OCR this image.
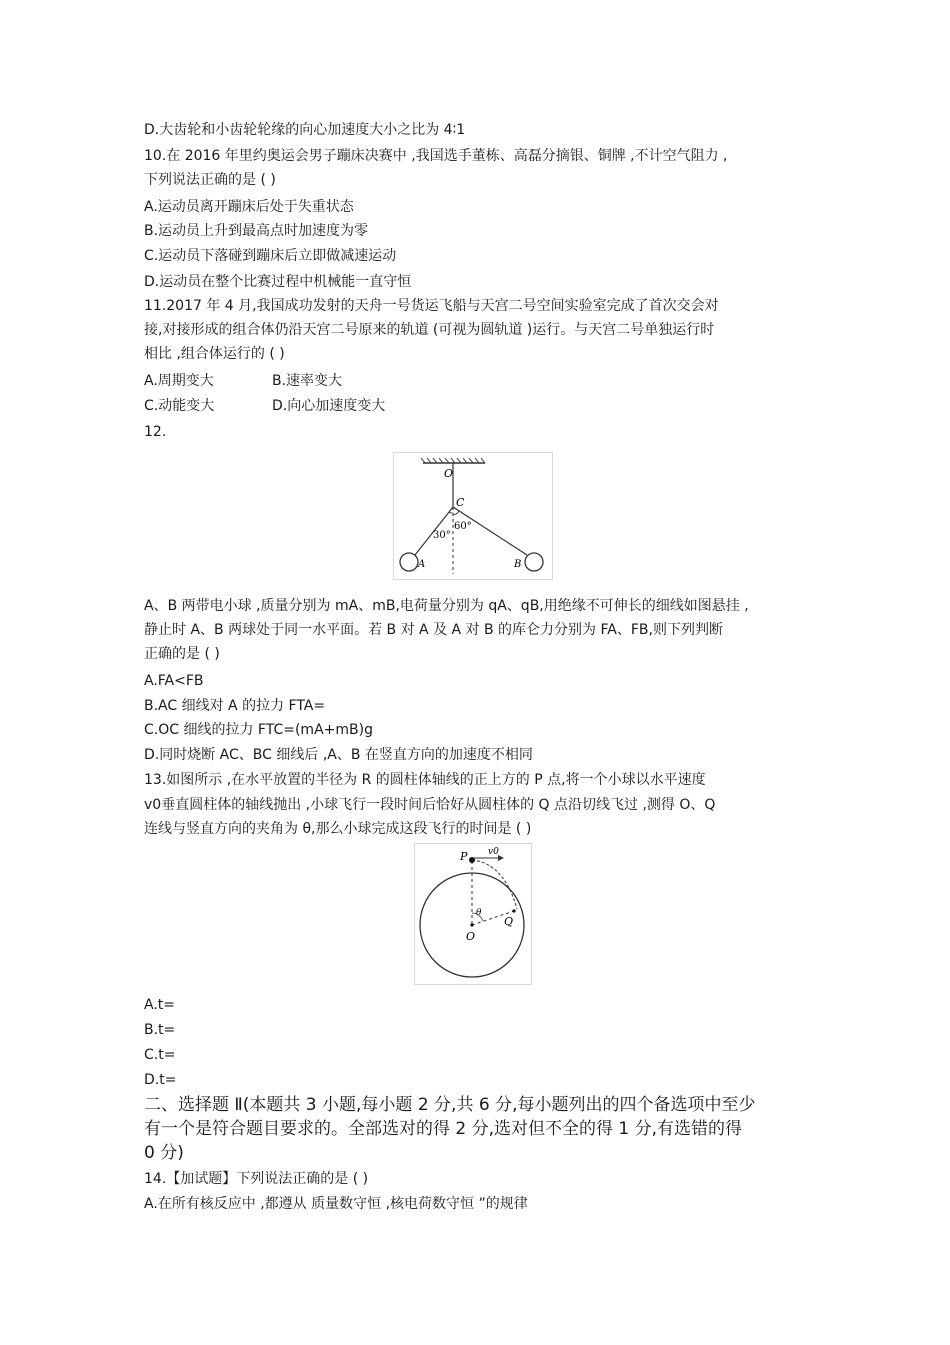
D.大齿轮和小齿轮轮缘的向心加速度大小之比为 4∶1
10.在 2016 年里约奥运会男子蹦床决赛中 ,我国选手董栋、高磊分摘银、铜牌 ,不计空气阻力 ,
下列说法正确的是 ( )
A.运动员离开蹦床后处于失重状态
B.运动员上升到最高点时加速度为零
C.运动员下落碰到蹦床后立即做减速运动
D.运动员在整个比赛过程中机械能一直守恒
11.2017 年 4 月,我国成功发射的天舟一号货运飞船与天宫二号空间实验室完成了首次交会对
接,对接形成的组合体仍沿天宫二号原来的轨道 (可视为圆轨道 )运行。与天宫二号单独运行时
相比 ,组合体运行的 ( )
A.周期变大	B.速率变大
C.动能变大	D.向心加速度变大
12.
O
C
30°
60°
A	B
A、B 两带电小球 ,质量分别为 mA、mB,电荷量分别为 qA、qB,用绝缘不可伸长的细线如图悬挂 ,
静止时 A、B 两球处于同一水平面。若 B 对 A 及 A 对 B 的库仑力分别为 FA、FB,则下列判断
正确的是 ( )
A.FA<FB
B.AC 细线对 A 的拉力 FTA=
C.OC 细线的拉力 FTC=(mA+mB)g
D.同时烧断 AC、BC 细线后 ,A、B 在竖直方向的加速度不相同
13.如图所示 ,在水平放置的半径为 R 的圆柱体轴线的正上方的 P 点,将一个小球以水平速度
v0垂直圆柱体的轴线抛出 ,小球飞行一段时间后恰好从圆柱体的 Q 点沿切线飞过 ,测得 O、Q
连线与竖直方向的夹角为 θ,那么小球完成这段飞行的时间是 ( )
P v0
θ
Q
O
A.t=
B.t=
C.t=
D.t=
二、选择题 Ⅱ(本题共 3 小题,每小题 2 分,共 6 分,每小题列出的四个备选项中至少
有一个是符合题目要求的。全部选对的得 2 分,选对但不全的得 1 分,有选错的得
0 分)
14.【加试题】下列说法正确的是 ( )
A.在所有核反应中 ,都遵从 质量数守恒 ,核电荷数守恒 ”的规律
